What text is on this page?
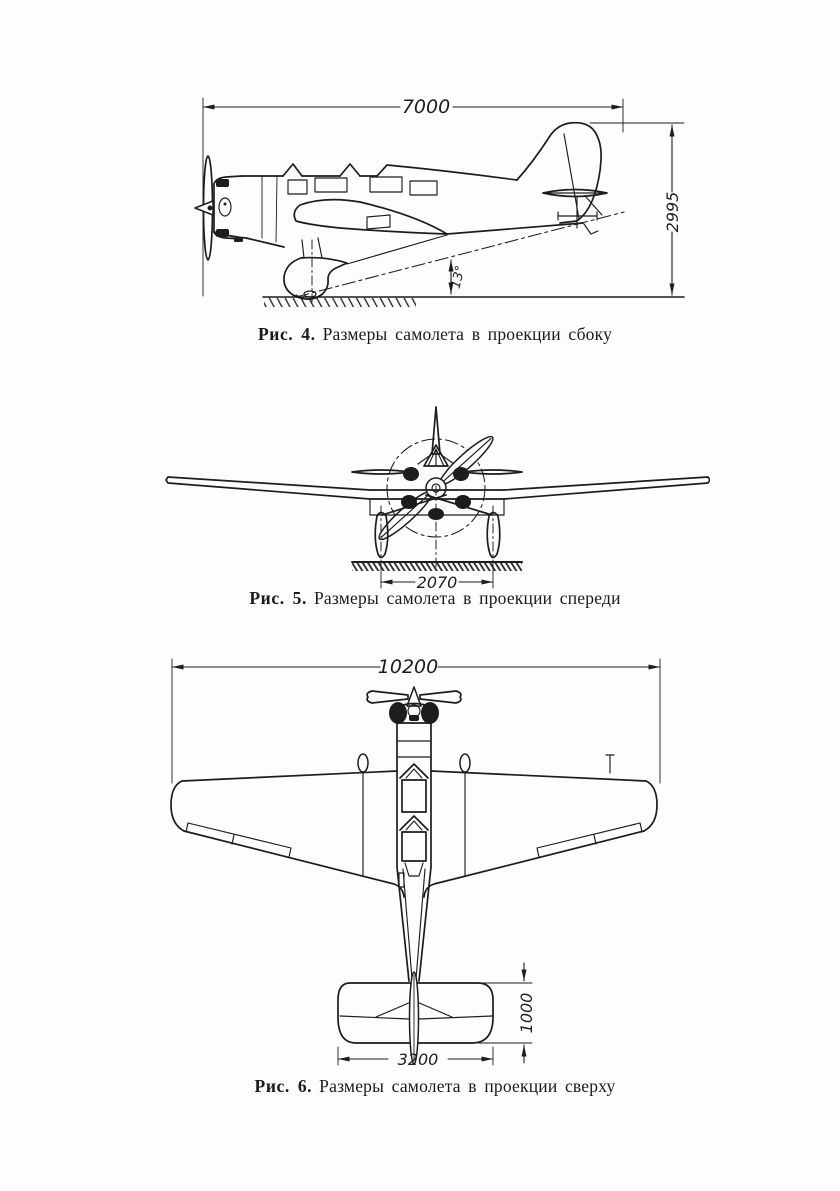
7000
2995
13°
Рис. 4. Размеры самолета в проекции сбоку
2070
Рис. 5. Размеры самолета в проекции спереди
10200
1000
3200
Рис. 6. Размеры самолета в проекции сверху
